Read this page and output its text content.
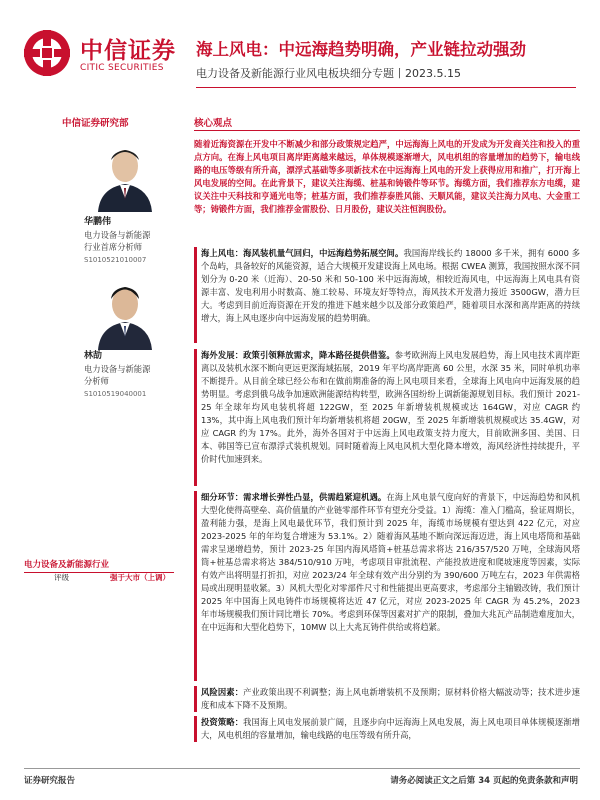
中信证券
CITIC SECURITIES
海上风电：中远海趋势明确，产业链拉动强劲
电力设备及新能源行业风电板块细分专题丨2023.5.15
中信证券研究部	核心观点
随着近海资源在开发中不断减少和部分政策规定趋严，中远海海上风电的开发成为开发商关注和投入的重点方向。在海上风电项目离岸距离越来越远，单体规模逐渐增大，风电机组的容量增加的趋势下，输电线路的电压等级有所升高，漂浮式基础等多项新技术在中远海海上风电的开发上获得应用和推广，打开海上风电发展的空间。在此背景下，建议关注海缆、桩基和铸锻件等环节。海缆方面，我们推荐东方电缆，建议关注中天科技和亨通光电等；桩基方面，我们推荐泰胜风能、天顺风能，建议关注海力风电、大金重工等；铸锻件方面，我们推荐金雷股份、日月股份，建议关注恒润股份。
华鹏伟
电力设备与新能源
行业首席分析师
S1010521010007
林劼
电力设备与新能源
分析师
S1010519040001
电力设备及新能源行业
评级	强于大市（上调）
海上风电：海风装机量气回归，中远海趋势拓展空间。我国海岸线长约 18000 多千米，拥有 6000 多个岛屿，具备较好的风能资源，适合大规模开发建设海上风电场。根据 CWEA 测算，我国按照水深不同划分为 0-20 米（近海）、20-50 米和 50-100 米中远海海域，相较近海风电，中远海海上风电具有资源丰富、发电利用小时数高、施工较易、环境友好等特点，海风技术开发潜力接近 3500GW，潜力巨大。考虑到目前近海资源在开发的推进下越来越少以及部分政策趋严，随着项目水深和离岸距离的持续增大，海上风电逐步向中远海发展的趋势明确。
海外发展：政策引领释放需求，降本路径提供借鉴。参考欧洲海上风电发展趋势，海上风电技术离岸距离以及装机水深不断向更远更深海域拓展，2019 年平均离岸距离 60 公里，水深 35 米，同时单机功率不断提升。从目前全球已经公布和在做前期准备的海上风电项目来看，全球海上风电向中远海发展的趋势明显。考虑到俄乌战争加速欧洲能源结构转型，欧洲各国纷纷上调新能源规划目标。我们预计 2021-25 年全球年均风电装机将超 122GW，至 2025 年新增装机规模或达 164GW，对应 CAGR 约 13%，其中海上风电我们预计年均新增装机将超 20GW，至 2025 年新增装机规模或达 35.4GW，对应 CAGR 约为 17%。此外，海外各国对于中远海上风电政策支持力度大，目前欧洲多国、美国、日本、韩国等已宣布漂浮式装机规划。同时随着海上风电风机大型化降本增效，海风经济性持续提升，平价时代加速到来。
细分环节：需求增长弹性凸显，供需趋紧迎机遇。在海上风电景气度向好的背景下，中远海趋势和风机大型化使得高壁垒、高价值量的产业链零部件环节有望充分受益。1）海缆：准入门槛高，验证周期长，盈利能力强，是海上风电最优环节，我们预计到 2025 年，海缆市场规模有望达到 422 亿元，对应 2023-2025 年的年均复合增速为 53.1%。2）随着海风基地不断向深远海迈进，海上风电塔筒和基础需求呈递增趋势，预计 2023-25 年国内海风塔筒+桩基总需求将达 216/357/520 万吨，全球海风塔筒+桩基总需求将达 384/510/910 万吨，考虑项目审批流程、产能投放进度和爬坡速度等因素，实际有效产出将明显打折扣，对应 2023/24 年全球有效产出分别约为 390/600 万吨左右，2023 年供需格局或出现明显收紧。3）风机大型化对零部件尺寸和性能提出更高要求，考虑部分主轴锻改铸，我们预计 2025 年中国海上风电铸件市场规模将达近 47 亿元，对应 2023-2025 年 CAGR 为 45.2%，2023 年市场规模我们预计同比增长 70%。考虑到环保等因素对扩产的限制，叠加大兆瓦产品制造难度加大，在中远海和大型化趋势下，10MW 以上大兆瓦铸件供给或将趋紧。
风险因素：产业政策出现不利调整；海上风电新增装机不及预期；原材料价格大幅波动等；技术进步速度和成本下降不及预期。
投资策略：我国海上风电发展前景广阔，且逐步向中远海海上风电发展，海上风电项目单体规模逐渐增大，风电机组的容量增加，输电线路的电压等级有所升高，
证券研究报告	请务必阅读正文之后第 34 页起的免责条款和声明
